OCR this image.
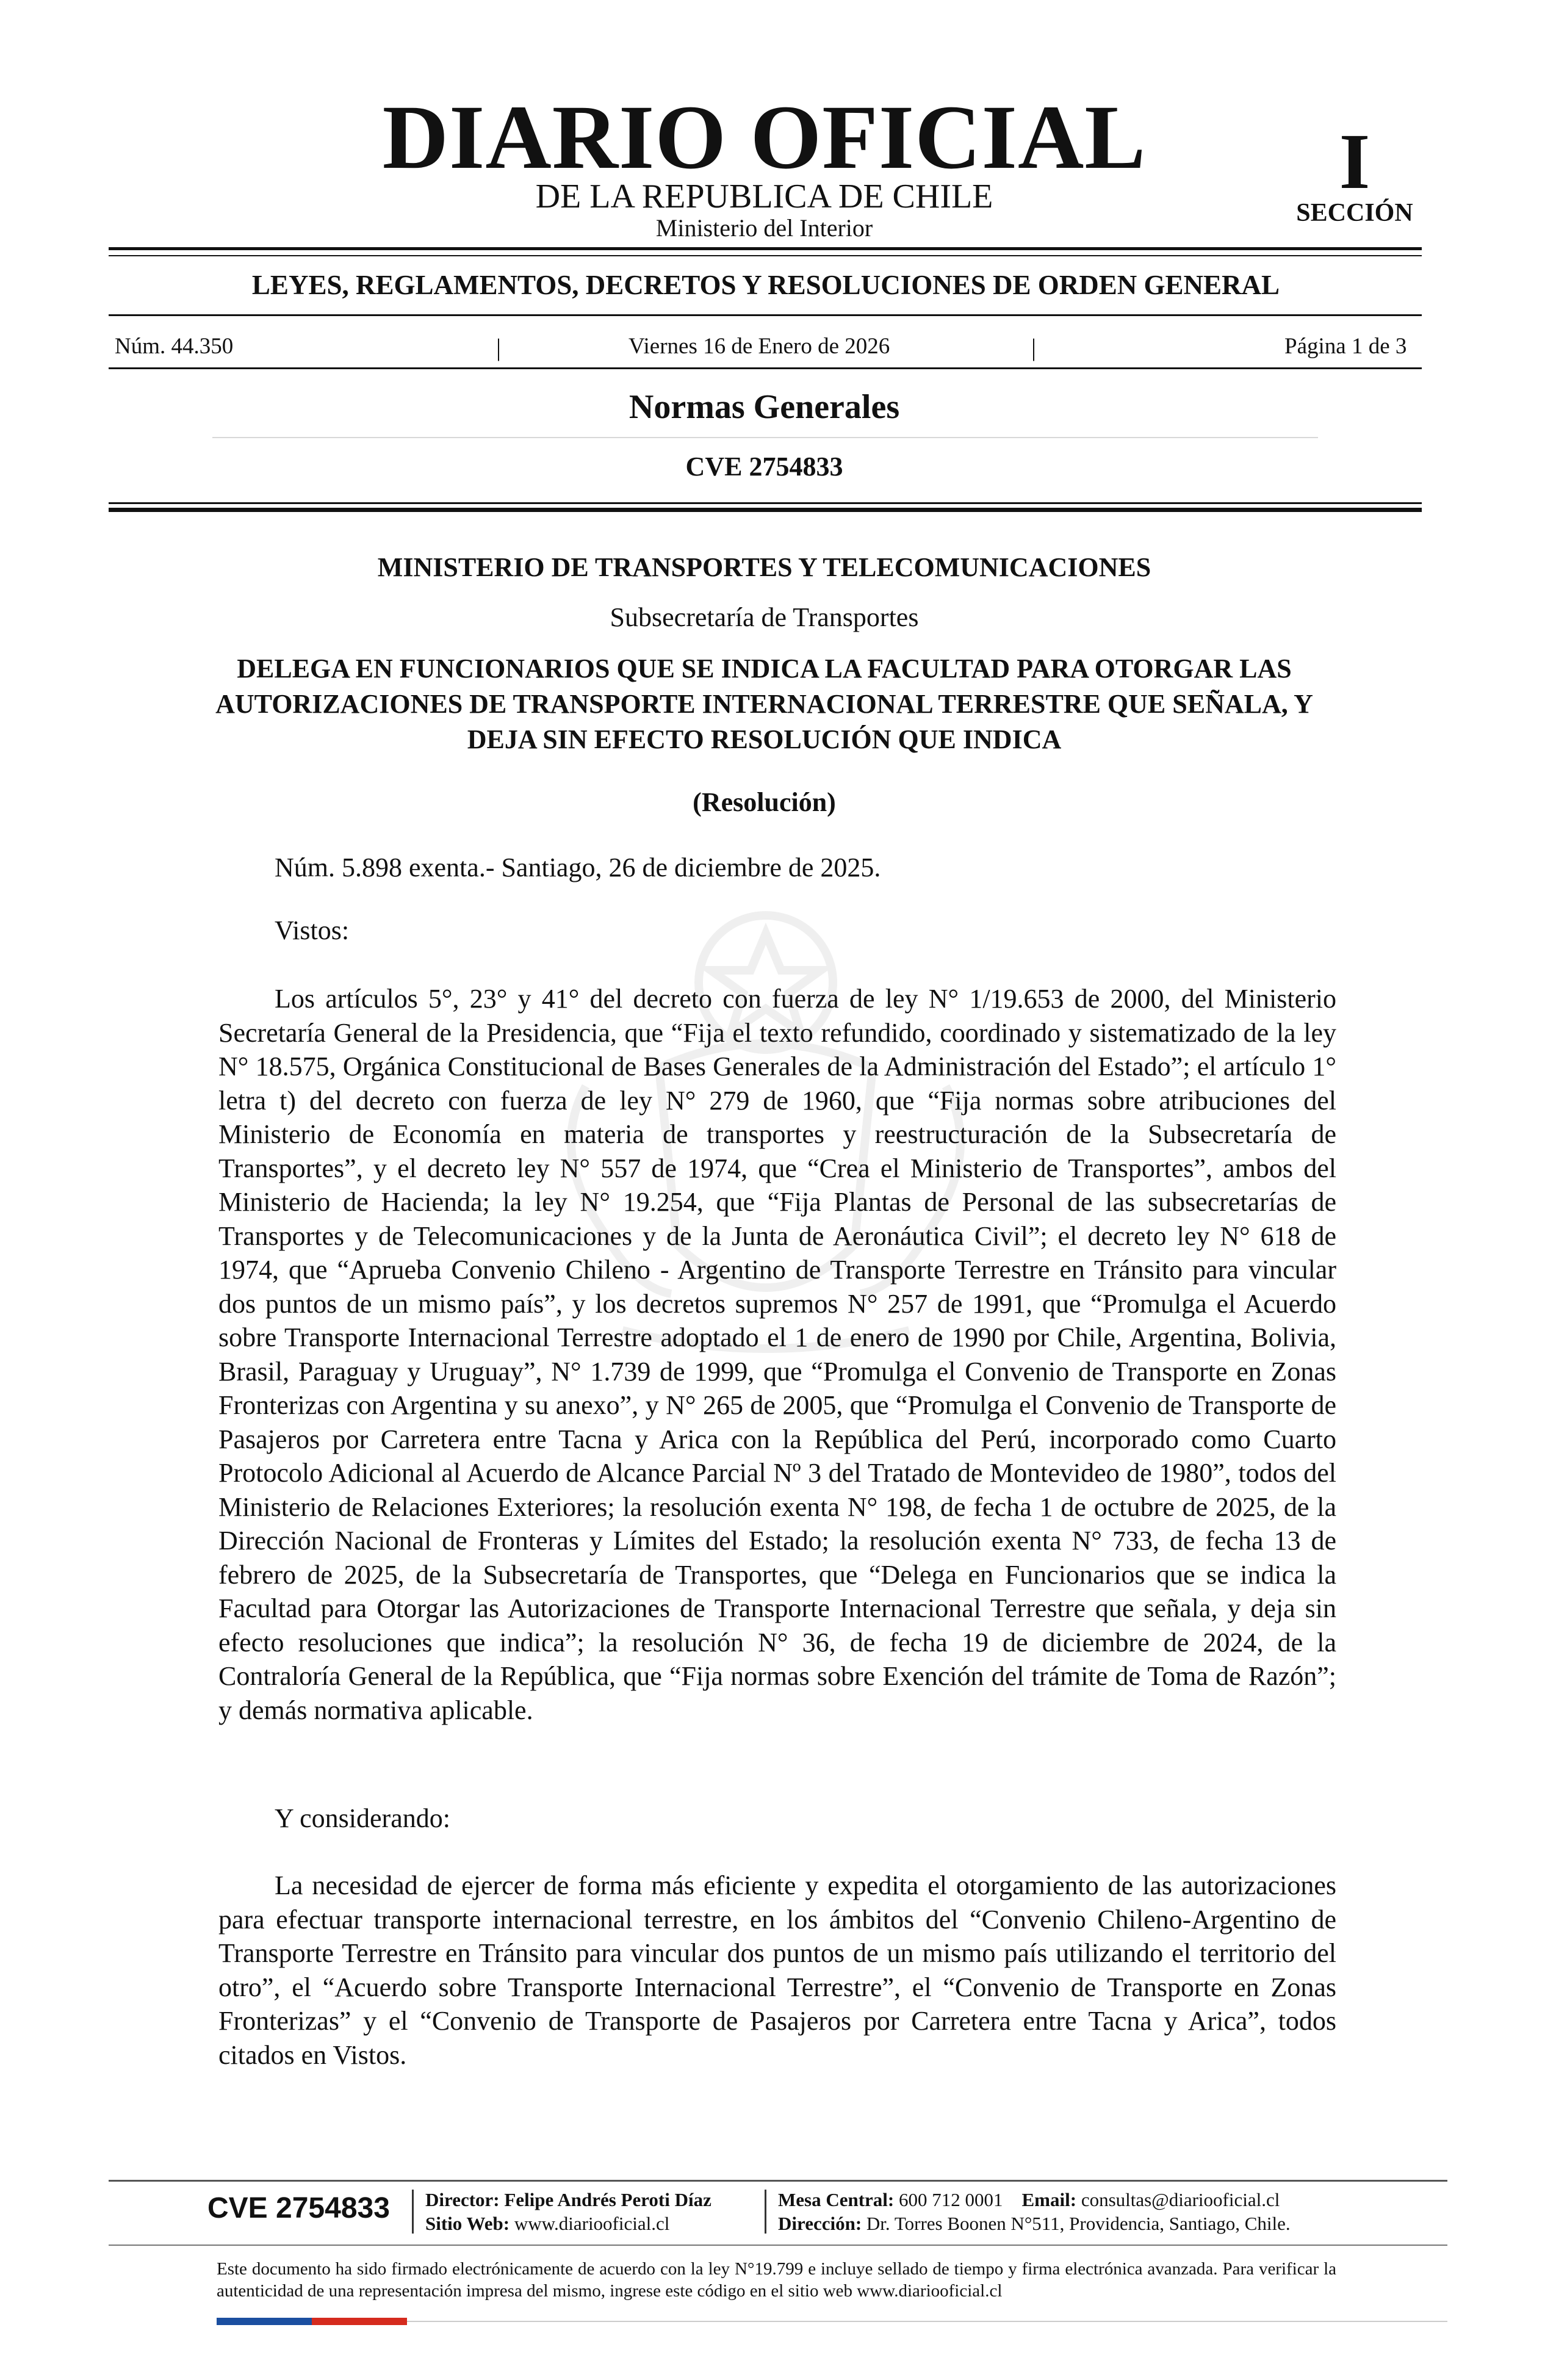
DIARIO OFICIAL
DE LA REPUBLICA DE CHILE
Ministerio del Interior
I
SECCIÓN
LEYES, REGLAMENTOS, DECRETOS Y RESOLUCIONES DE ORDEN GENERAL
Núm. 44.350	|	Viernes 16 de Enero de 2026	|	Página 1 de 3
Normas Generales
CVE 2754833
MINISTERIO DE TRANSPORTES Y TELECOMUNICACIONES
Subsecretaría de Transportes
DELEGA EN FUNCIONARIOS QUE SE INDICA LA FACULTAD PARA OTORGAR LAS AUTORIZACIONES DE TRANSPORTE INTERNACIONAL TERRESTRE QUE SEÑALA, Y DEJA SIN EFECTO RESOLUCIÓN QUE INDICA
(Resolución)
Núm. 5.898 exenta.- Santiago, 26 de diciembre de 2025.
Vistos:

Los artículos 5°, 23° y 41° del decreto con fuerza de ley N° 1/19.653 de 2000, del Ministerio Secretaría General de la Presidencia, que “Fija el texto refundido, coordinado y sistematizado de la ley N° 18.575, Orgánica Constitucional de Bases Generales de la Administración del Estado”; el artículo 1° letra t) del decreto con fuerza de ley N° 279 de 1960, que “Fija normas sobre atribuciones del Ministerio de Economía en materia de transportes y reestructuración de la Subsecretaría de Transportes”, y el decreto ley N° 557 de 1974, que “Crea el Ministerio de Transportes”, ambos del Ministerio de Hacienda; la ley N° 19.254, que “Fija Plantas de Personal de las subsecretarías de Transportes y de Telecomunicaciones y de la Junta de Aeronáutica Civil”; el decreto ley N° 618 de 1974, que “Aprueba Convenio Chileno - Argentino de Transporte Terrestre en Tránsito para vincular dos puntos de un mismo país”, y los decretos supremos N° 257 de 1991, que “Promulga el Acuerdo sobre Transporte Internacional Terrestre adoptado el 1 de enero de 1990 por Chile, Argentina, Bolivia, Brasil, Paraguay y Uruguay”, N° 1.739 de 1999, que “Promulga el Convenio de Transporte en Zonas Fronterizas con Argentina y su anexo”, y N° 265 de 2005, que “Promulga el Convenio de Transporte de Pasajeros por Carretera entre Tacna y Arica con la República del Perú, incorporado como Cuarto Protocolo Adicional al Acuerdo de Alcance Parcial Nº 3 del Tratado de Montevideo de 1980”, todos del Ministerio de Relaciones Exteriores; la resolución exenta N° 198, de fecha 1 de octubre de 2025, de la Dirección Nacional de Fronteras y Límites del Estado; la resolución exenta N° 733, de fecha 13 de febrero de 2025, de la Subsecretaría de Transportes, que “Delega en Funcionarios que se indica la Facultad para Otorgar las Autorizaciones de Transporte Internacional Terrestre que señala, y deja sin efecto resoluciones que indica”; la resolución N° 36, de fecha 19 de diciembre de 2024, de la Contraloría General de la República, que “Fija normas sobre Exención del trámite de Toma de Razón”; y demás normativa aplicable.

Y considerando:

La necesidad de ejercer de forma más eficiente y expedita el otorgamiento de las autorizaciones para efectuar transporte internacional terrestre, en los ámbitos del “Convenio Chileno-Argentino de Transporte Terrestre en Tránsito para vincular dos puntos de un mismo país utilizando el territorio del otro”, el “Acuerdo sobre Transporte Internacional Terrestre”, el “Convenio de Transporte en Zonas Fronterizas” y el “Convenio de Transporte de Pasajeros por Carretera entre Tacna y Arica”, todos citados en Vistos.

CVE 2754833	Director: Felipe Andrés Peroti Díaz
Sitio Web: www.diariooficial.cl
Mesa Central: 600 712 0001 Email: consultas@diariooficial.cl
Dirección: Dr. Torres Boonen N°511, Providencia, Santiago, Chile.
Este documento ha sido firmado electrónicamente de acuerdo con la ley N°19.799 e incluye sellado de tiempo y firma electrónica avanzada. Para verificar la autenticidad de una representación impresa del mismo, ingrese este código en el sitio web www.diariooficial.cl
